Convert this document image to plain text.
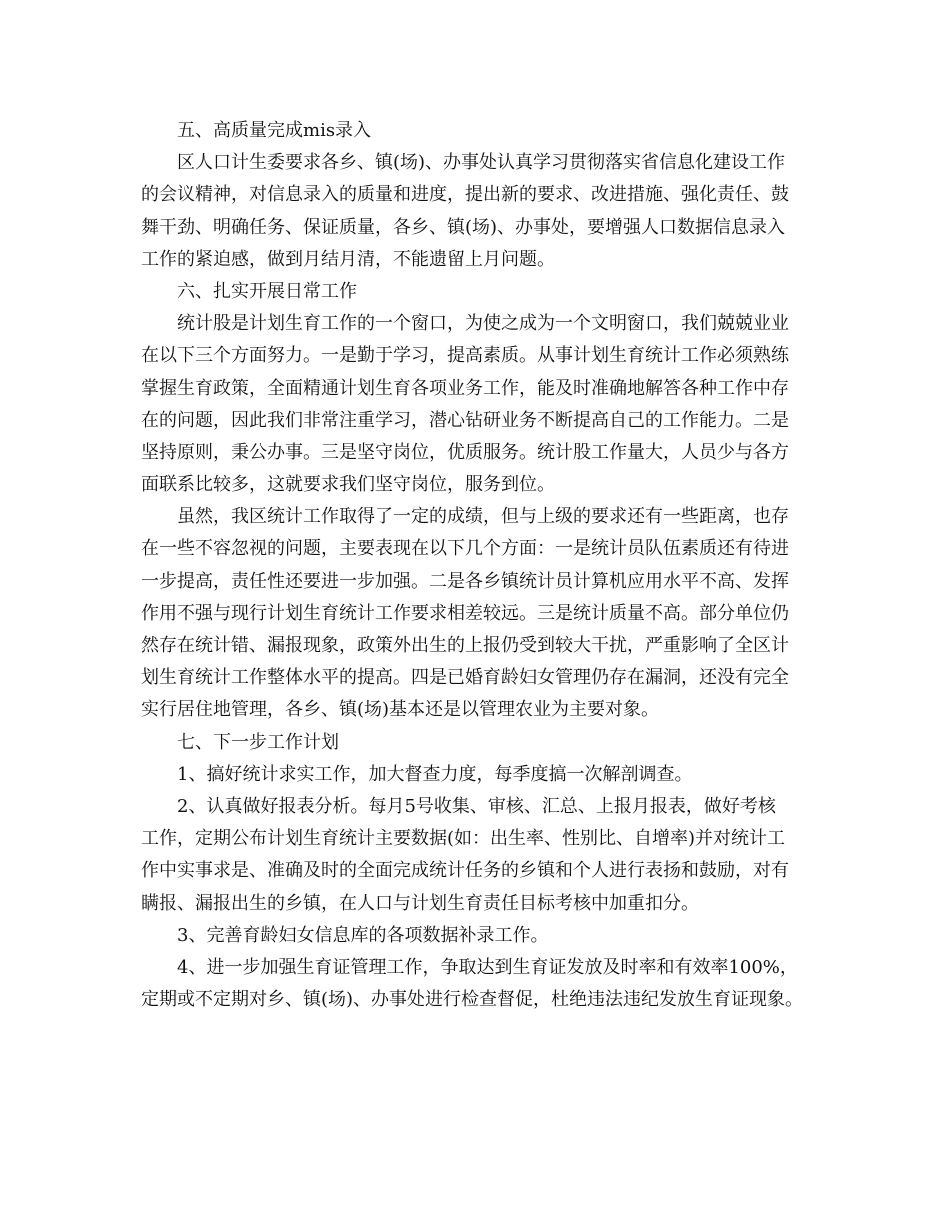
五、高质量完成mis录入
区人口计生委要求各乡、镇(场)、办事处认真学习贯彻落实省信息化建设工作
的会议精神，对信息录入的质量和进度，提出新的要求、改进措施、强化责任、鼓
舞干劲、明确任务、保证质量，各乡、镇(场)、办事处，要增强人口数据信息录入
工作的紧迫感，做到月结月清，不能遗留上月问题。
六、扎实开展日常工作
统计股是计划生育工作的一个窗口，为使之成为一个文明窗口，我们兢兢业业
在以下三个方面努力。一是勤于学习，提高素质。从事计划生育统计工作必须熟练
掌握生育政策，全面精通计划生育各项业务工作，能及时准确地解答各种工作中存
在的问题，因此我们非常注重学习，潜心钻研业务不断提高自己的工作能力。二是
坚持原则，秉公办事。三是坚守岗位，优质服务。统计股工作量大，人员少与各方
面联系比较多，这就要求我们坚守岗位，服务到位。
虽然，我区统计工作取得了一定的成绩，但与上级的要求还有一些距离，也存
在一些不容忽视的问题，主要表现在以下几个方面：一是统计员队伍素质还有待进
一步提高，责任性还要进一步加强。二是各乡镇统计员计算机应用水平不高、发挥
作用不强与现行计划生育统计工作要求相差较远。三是统计质量不高。部分单位仍
然存在统计错、漏报现象，政策外出生的上报仍受到较大干扰，严重影响了全区计
划生育统计工作整体水平的提高。四是已婚育龄妇女管理仍存在漏洞，还没有完全
实行居住地管理，各乡、镇(场)基本还是以管理农业为主要对象。
七、下一步工作计划
1、搞好统计求实工作，加大督查力度，每季度搞一次解剖调查。
2、认真做好报表分析。每月5号收集、审核、汇总、上报月报表，做好考核
工作，定期公布计划生育统计主要数据(如：出生率、性别比、自增率)并对统计工
作中实事求是、准确及时的全面完成统计任务的乡镇和个人进行表扬和鼓励，对有
瞒报、漏报出生的乡镇，在人口与计划生育责任目标考核中加重扣分。
3、完善育龄妇女信息库的各项数据补录工作。
4、进一步加强生育证管理工作，争取达到生育证发放及时率和有效率100%，
定期或不定期对乡、镇(场)、办事处进行检查督促，杜绝违法违纪发放生育证现象。
